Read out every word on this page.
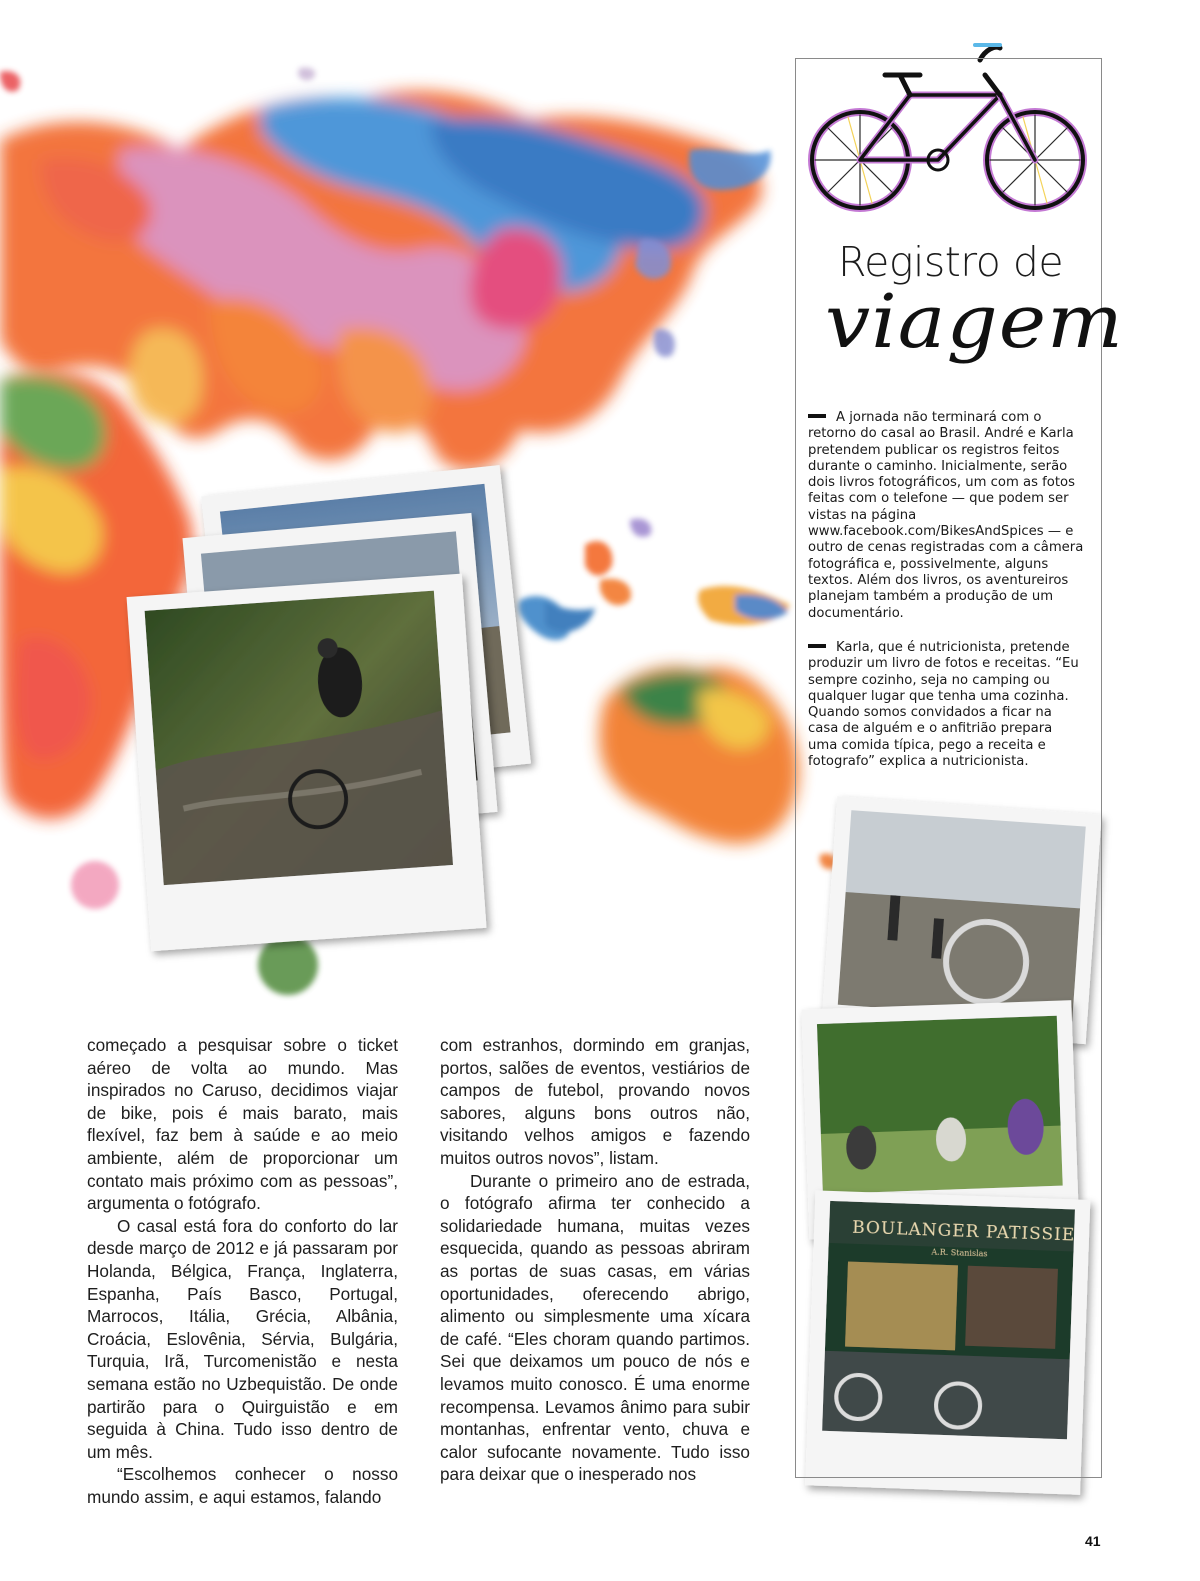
BOULANGER PATISSIE
A.R. Stanislas

começado a pesquisar sobre o ticket aéreo de volta ao mundo. Mas inspirados no Caruso, decidimos viajar de bike, pois é mais barato, mais flexível, faz bem à saúde e ao meio ambiente, além de proporcionar um contato mais próximo com as pessoas”, argumenta o fotógrafo.

O casal está fora do conforto do lar desde março de 2012 e já passaram por Holanda, Bélgica, França, Inglaterra, Espanha, País Basco, Portugal, Marrocos, Itália, Grécia, Albânia, Croácia, Eslovênia, Sérvia, Bulgária, Turquia, Irã, Turcomenistão e nesta semana estão no Uzbequistão. De onde partirão para o Quirguistão e em seguida à China. Tudo isso dentro de um mês.

“Escolhemos conhecer o nosso mundo assim, e aqui estamos, falando

com estranhos, dormindo em granjas, portos, salões de eventos, vestiários de campos de futebol, provando novos sabores, alguns bons outros não, visitando velhos amigos e fazendo muitos outros novos”, listam.

Durante o primeiro ano de estrada, o fotógrafo afirma ter conhecido a solidariedade humana, muitas vezes esquecida, quando as pessoas abriram as portas de suas casas, em várias oportunidades, oferecendo abrigo, alimento ou simplesmente uma xícara de café. “Eles choram quando partimos. Sei que deixamos um pouco de nós e levamos muito conosco. É uma enorme recompensa. Levamos ânimo para subir montanhas, enfrentar vento, chuva e calor sufocante novamente. Tudo isso para deixar que o inesperado nos

Registro de
viagem

A jornada não terminará com o retorno do casal ao Brasil. André e Karla pretendem publicar os registros feitos durante o caminho. Inicialmente, serão dois livros fotográficos, um com as fotos feitas com o telefone — que podem ser vistas na página www.facebook.com/BikesAndSpices — e outro de cenas registradas com a câmera fotográfica e, possivelmente, alguns textos. Além dos livros, os aventureiros planejam também a produção de um documentário.

Karla, que é nutricionista, pretende produzir um livro de fotos e receitas. “Eu sempre cozinho, seja no camping ou qualquer lugar que tenha uma cozinha. Quando somos convidados a ficar na casa de alguém e o anfitrião prepara uma comida típica, pego a receita e fotografo” explica a nutricionista.

41
